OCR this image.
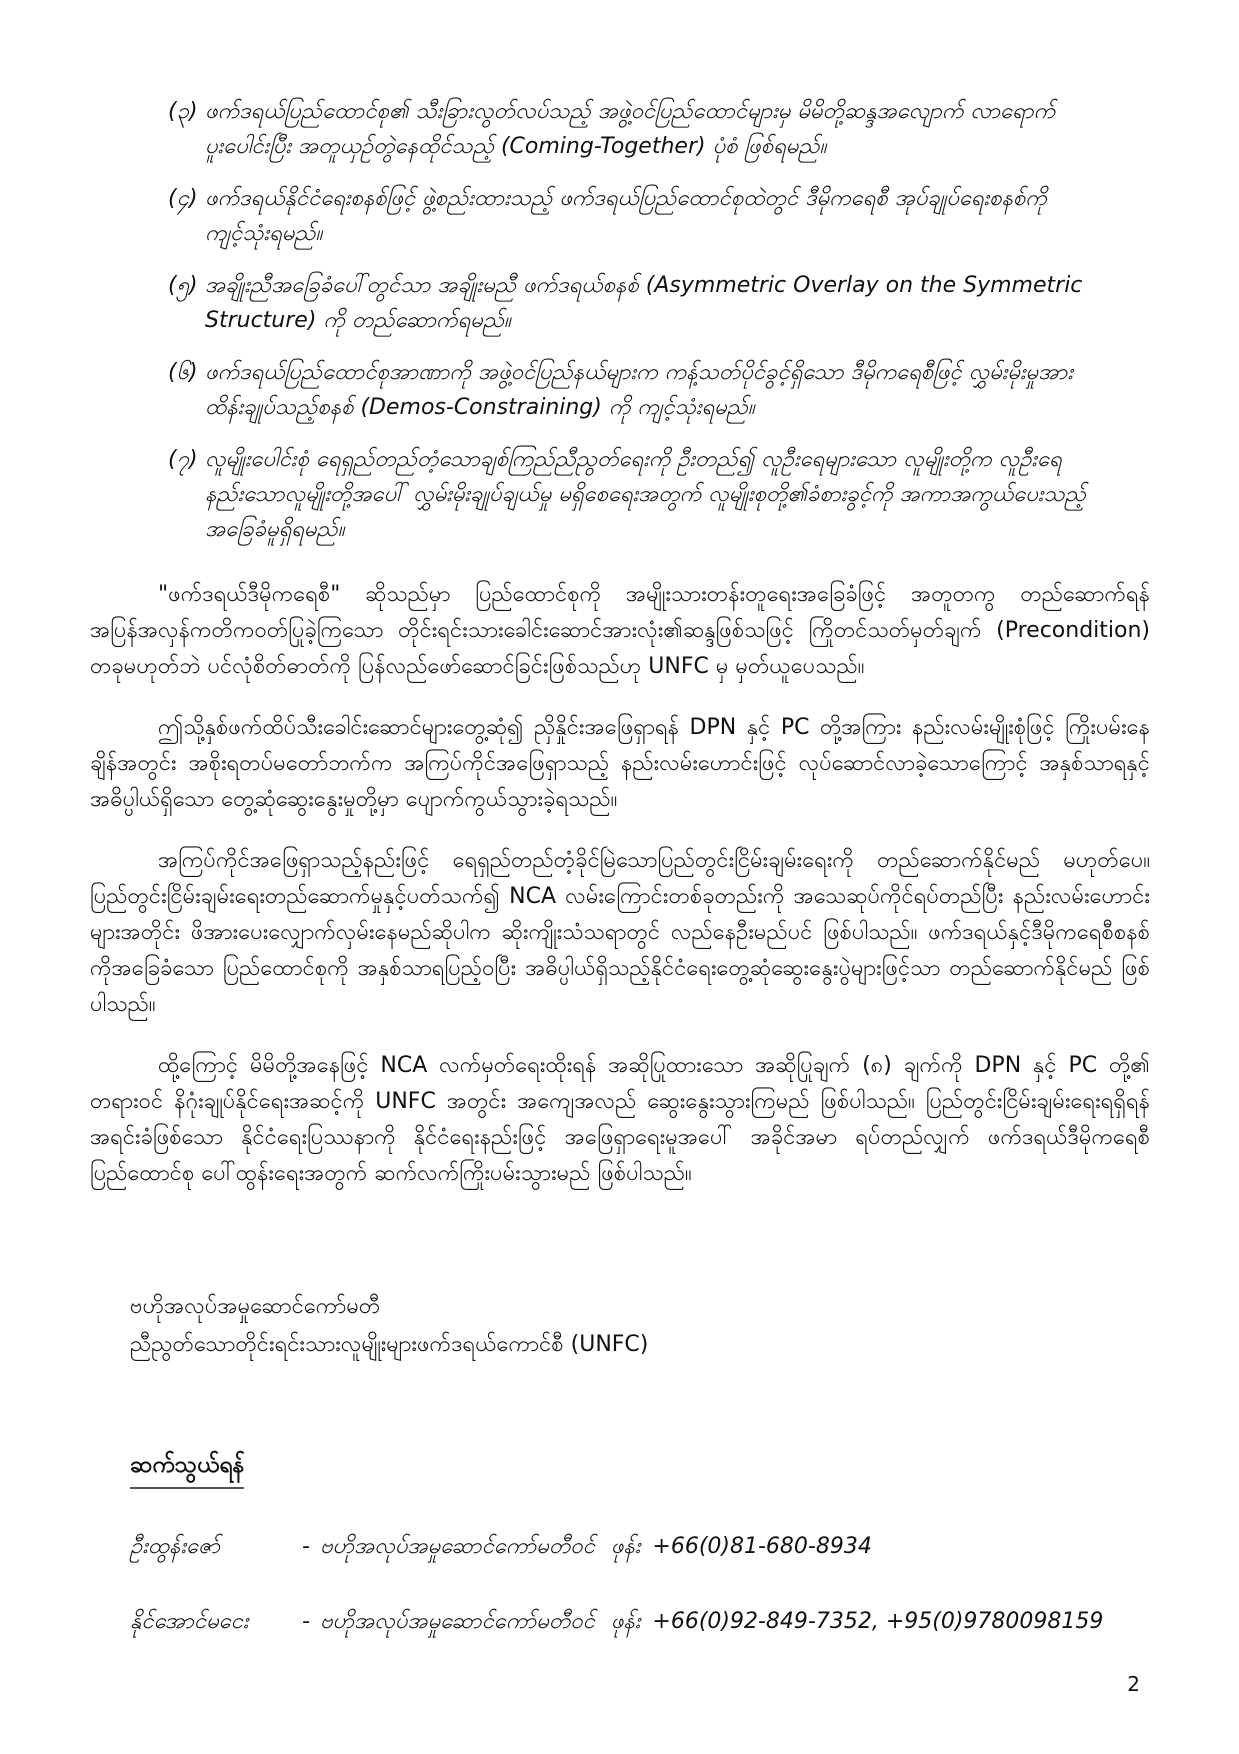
(၃) ဖက်ဒရယ်ပြည်ထောင်စု၏ သီးခြားလွတ်လပ်သည့် အဖွဲ့ဝင်ပြည်ထောင်များမှ မိမိတို့ဆန္ဒအလျောက် လာရောက်ပူးပေါင်းပြီး အတူယှဉ်တွဲနေထိုင်သည့် (Coming-Together) ပုံစံ ဖြစ်ရမည်။
(၄) ဖက်ဒရယ်နိုင်ငံရေးစနစ်ဖြင့် ဖွဲ့စည်းထားသည့် ဖက်ဒရယ်ပြည်ထောင်စုထဲတွင် ဒီမိုကရေစီ အုပ်ချုပ်ရေးစနစ်ကို ကျင့်သုံးရမည်။
(၅) အချိုးညီအခြေခံပေါ်တွင်သာ အချိုးမညီ ဖက်ဒရယ်စနစ် (Asymmetric Overlay on the Symmetric Structure) ကို တည်ဆောက်ရမည်။
(၆) ဖက်ဒရယ်ပြည်ထောင်စုအာဏာကို အဖွဲ့ဝင်ပြည်နယ်များက ကန့်သတ်ပိုင်ခွင့်ရှိသော ဒီမိုကရေစီဖြင့် လွှမ်းမိုးမှုအား ထိန်းချုပ်သည့်စနစ် (Demos-Constraining) ကို ကျင့်သုံးရမည်။
(၇) လူမျိုးပေါင်းစုံ ရေရှည်တည်တံ့သောချစ်ကြည်ညီညွတ်ရေးကို ဦးတည်၍ လူဦးရေများသော လူမျိုးတို့က လူဦးရေနည်းသောလူမျိုးတို့အပေါ် လွှမ်းမိုးချုပ်ချယ်မှု မရှိစေရေးအတွက် လူမျိုးစုတို့၏ခံစားခွင့်ကို အကာအကွယ်ပေးသည့် အခြေခံမူရှိရမည်။

"ဖက်ဒရယ်ဒီမိုကရေစီ" ဆိုသည်မှာ ပြည်ထောင်စုကို အမျိုးသားတန်းတူရေးအခြေခံဖြင့် အတူတကွ တည်ဆောက်ရန် အပြန်အလှန်ကတိကဝတ်ပြုခဲ့ကြသော တိုင်းရင်းသားခေါင်းဆောင်အားလုံး၏ဆန္ဒဖြစ်သဖြင့် ကြိုတင်သတ်မှတ်ချက် (Precondition) တခုမဟုတ်ဘဲ ပင်လုံစိတ်ဓာတ်ကို ပြန်လည်ဖော်ဆောင်ခြင်းဖြစ်သည်ဟု UNFC မှ မှတ်ယူပေသည်။

ဤသို့နှစ်ဖက်ထိပ်သီးခေါင်းဆောင်များတွေ့ဆုံ၍ ညှိနှိုင်းအဖြေရှာရန် DPN နှင့် PC တို့အကြား နည်းလမ်းမျိုးစုံဖြင့် ကြိုးပမ်းနေချိန်အတွင်း အစိုးရတပ်မတော်ဘက်က အကြပ်ကိုင်အဖြေရှာသည့် နည်းလမ်းဟောင်းဖြင့် လုပ်ဆောင်လာခဲ့သောကြောင့် အနှစ်သာရနှင့်အဓိပ္ပါယ်ရှိသော တွေ့ဆုံဆွေးနွေးမှုတို့မှာ ပျောက်ကွယ်သွားခဲ့ရသည်။

အကြပ်ကိုင်အဖြေရှာသည့်နည်းဖြင့် ရေရှည်တည်တံ့ခိုင်မြဲသောပြည်တွင်းငြိမ်းချမ်းရေးကို တည်ဆောက်နိုင်မည် မဟုတ်ပေ။ ပြည်တွင်းငြိမ်းချမ်းရေးတည်ဆောက်မှုနှင့်ပတ်သက်၍ NCA လမ်းကြောင်းတစ်ခုတည်းကို အသေဆုပ်ကိုင်ရပ်တည်ပြီး နည်းလမ်းဟောင်းများအတိုင်း ဖိအားပေးလျှောက်လှမ်းနေမည်ဆိုပါက ဆိုးကျိုးသံသရာတွင် လည်နေဦးမည်ပင် ဖြစ်ပါသည်။ ဖက်ဒရယ်နှင့်ဒီမိုကရေစီစနစ်ကိုအခြေခံသော ပြည်ထောင်စုကို အနှစ်သာရပြည့်ဝပြီး အဓိပ္ပါယ်ရှိသည့်နိုင်ငံရေးတွေ့ဆုံဆွေးနွေးပွဲများဖြင့်သာ တည်ဆောက်နိုင်မည် ဖြစ်ပါသည်။

ထို့ကြောင့် မိမိတို့အနေဖြင့် NCA လက်မှတ်ရေးထိုးရန် အဆိုပြုထားသော အဆိုပြုချက် (၈) ချက်ကို DPN နှင့် PC တို့၏ တရားဝင် နိဂုံးချုပ်နိုင်ရေးအဆင့်ကို UNFC အတွင်း အကျေအလည် ဆွေးနွေးသွားကြမည် ဖြစ်ပါသည်။ ပြည်တွင်းငြိမ်းချမ်းရေးရရှိရန် အရင်းခံဖြစ်သော နိုင်ငံရေးပြဿနာကို နိုင်ငံရေးနည်းဖြင့် အဖြေရှာရေးမူအပေါ် အခိုင်အမာ ရပ်တည်လျှက် ဖက်ဒရယ်ဒီမိုကရေစီပြည်ထောင်စု ပေါ်ထွန်းရေးအတွက် ဆက်လက်ကြိုးပမ်းသွားမည် ဖြစ်ပါသည်။

ဗဟိုအလုပ်အမှုဆောင်ကော်မတီ
ညီညွတ်သောတိုင်းရင်းသားလူမျိုးများဖက်ဒရယ်ကောင်စီ (UNFC)
ဆက်သွယ်ရန်
ဦးထွန်းဇော်	- ဗဟိုအလုပ်အမှုဆောင်ကော်မတီဝင် ဖုန်း +66(0)81-680-8934
နိုင်အောင်မငေး	- ဗဟိုအလုပ်အမှုဆောင်ကော်မတီဝင် ဖုန်း +66(0)92-849-7352, +95(0)9780098159
2
